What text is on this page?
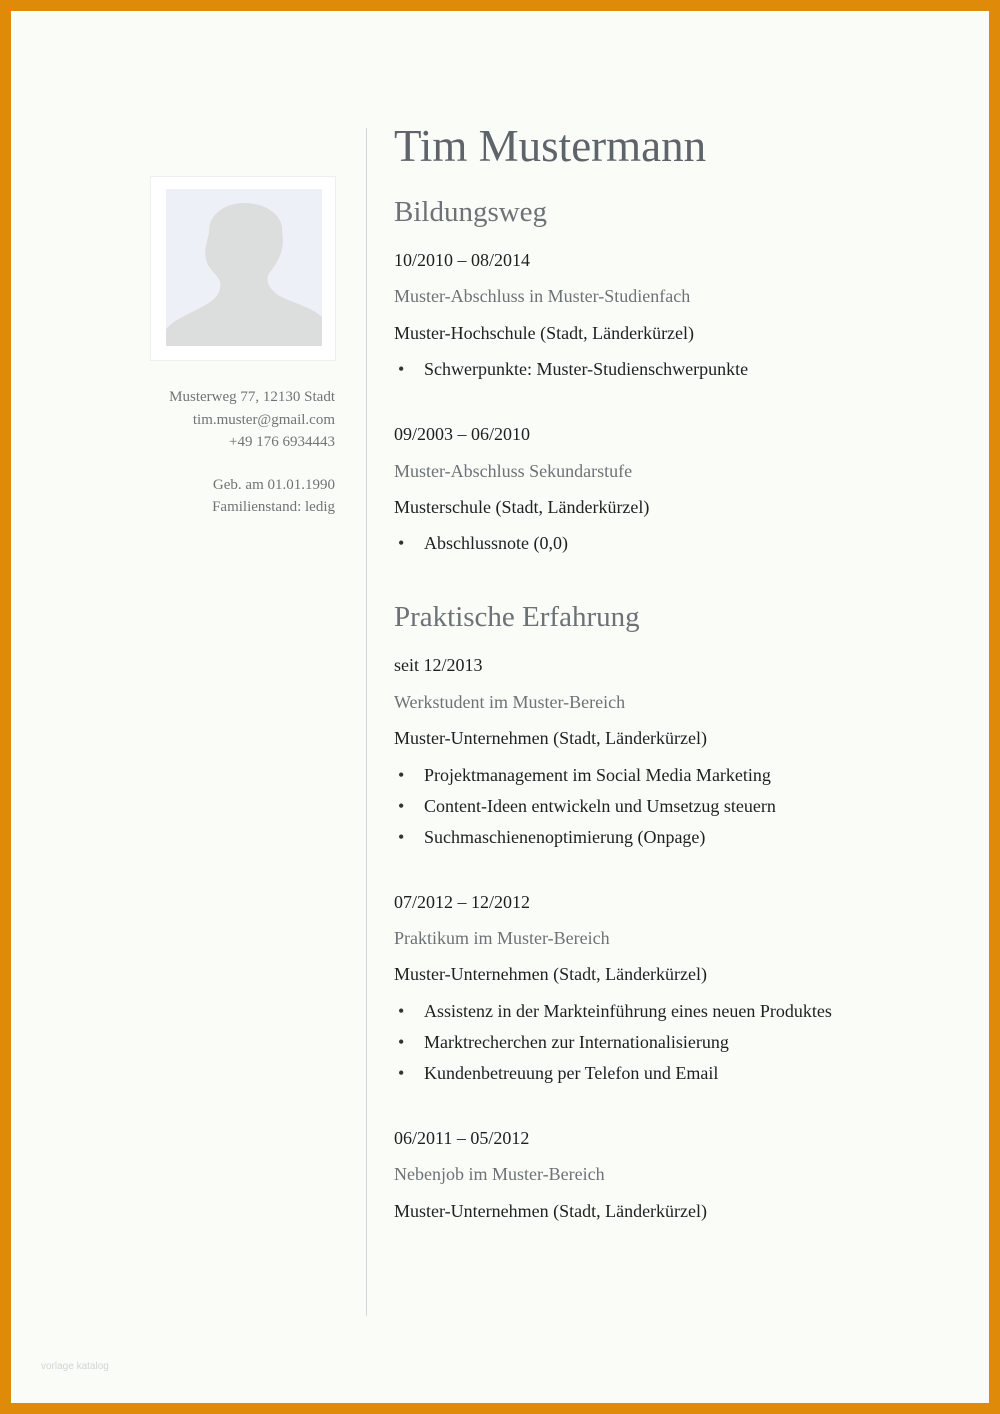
Musterweg 77, 12130 Stadt
tim.muster@gmail.com
+49 176 6934443
Geb. am 01.01.1990
Familienstand: ledig
Tim Mustermann
Bildungsweg
10/2010 – 08/2014
Muster-Abschluss in Muster-Studienfach
Muster-Hochschule (Stadt, Länderkürzel)
• Schwerpunkte: Muster-Studienschwerpunkte
09/2003 – 06/2010
Muster-Abschluss Sekundarstufe
Musterschule (Stadt, Länderkürzel)
• Abschlussnote (0,0)
Praktische Erfahrung
seit 12/2013
Werkstudent im Muster-Bereich
Muster-Unternehmen (Stadt, Länderkürzel)
• Projektmanagement im Social Media Marketing
• Content-Ideen entwickeln und Umsetzug steuern
• Suchmaschienenoptimierung (Onpage)
07/2012 – 12/2012
Praktikum im Muster-Bereich
Muster-Unternehmen (Stadt, Länderkürzel)
• Assistenz in der Markteinführung eines neuen Produktes
• Marktrecherchen zur Internationalisierung
• Kundenbetreuung per Telefon und Email
06/2011 – 05/2012
Nebenjob im Muster-Bereich
Muster-Unternehmen (Stadt, Länderkürzel)
vorlage katalog
